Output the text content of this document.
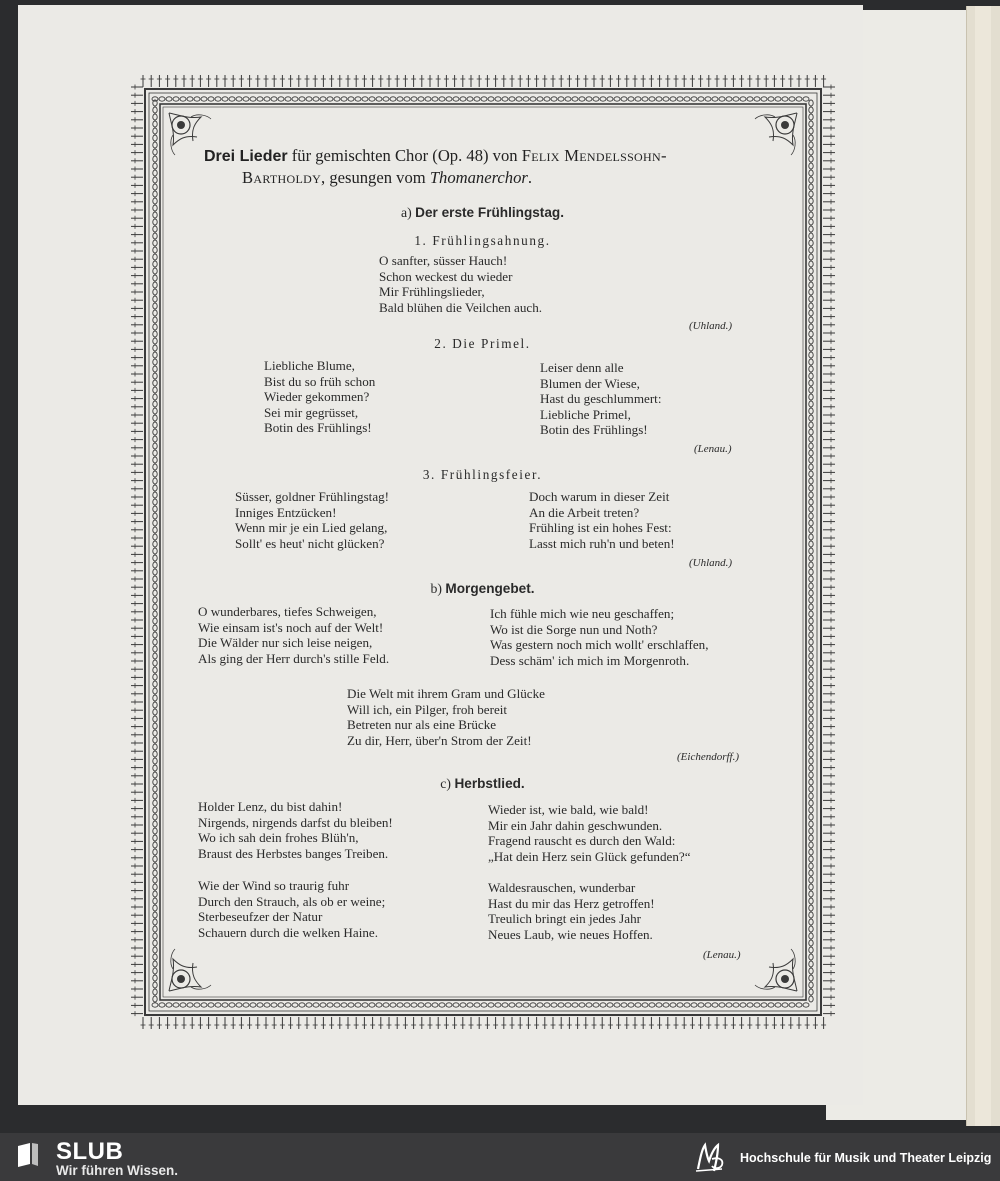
Drei Lieder für gemischten Chor (Op. 48) von Felix Mendelssohn-
Bartholdy, gesungen vom Thomanerchor.
a) Der erste Frühlingstag.
1. Frühlingsahnung.
O sanfter, süsser Hauch!
Schon weckest du wieder
Mir Frühlingslieder,
Bald blühen die Veilchen auch.
(Uhland.)
2. Die Primel.
Liebliche Blume,
Bist du so früh schon
Wieder gekommen?
Sei mir gegrüsset,
Botin des Frühlings!
Leiser denn alle
Blumen der Wiese,
Hast du geschlummert:
Liebliche Primel,
Botin des Frühlings!
(Lenau.)
3. Frühlingsfeier.
Süsser, goldner Frühlingstag!
Inniges Entzücken!
Wenn mir je ein Lied gelang,
Sollt' es heut' nicht glücken?
Doch warum in dieser Zeit
An die Arbeit treten?
Frühling ist ein hohes Fest:
Lasst mich ruh'n und beten!
(Uhland.)
b) Morgengebet.
O wunderbares, tiefes Schweigen,
Wie einsam ist's noch auf der Welt!
Die Wälder nur sich leise neigen,
Als ging der Herr durch's stille Feld.
Ich fühle mich wie neu geschaffen;
Wo ist die Sorge nun und Noth?
Was gestern noch mich wollt' erschlaffen,
Dess schäm' ich mich im Morgenroth.
Die Welt mit ihrem Gram und Glücke
Will ich, ein Pilger, froh bereit
Betreten nur als eine Brücke
Zu dir, Herr, über'n Strom der Zeit!
(Eichendorff.)
c) Herbstlied.
Holder Lenz, du bist dahin!
Nirgends, nirgends darfst du bleiben!
Wo ich sah dein frohes Blüh'n,
Braust des Herbstes banges Treiben.
Wieder ist, wie bald, wie bald!
Mir ein Jahr dahin geschwunden.
Fragend rauscht es durch den Wald:
„Hat dein Herz sein Glück gefunden?“
Wie der Wind so traurig fuhr
Durch den Strauch, als ob er weine;
Sterbeseufzer der Natur
Schauern durch die welken Haine.
Waldesrauschen, wunderbar
Hast du mir das Herz getroffen!
Treulich bringt ein jedes Jahr
Neues Laub, wie neues Hoffen.
(Lenau.)
SLUB
Wir führen Wissen.
Hochschule für Musik und Theater Leipzig
